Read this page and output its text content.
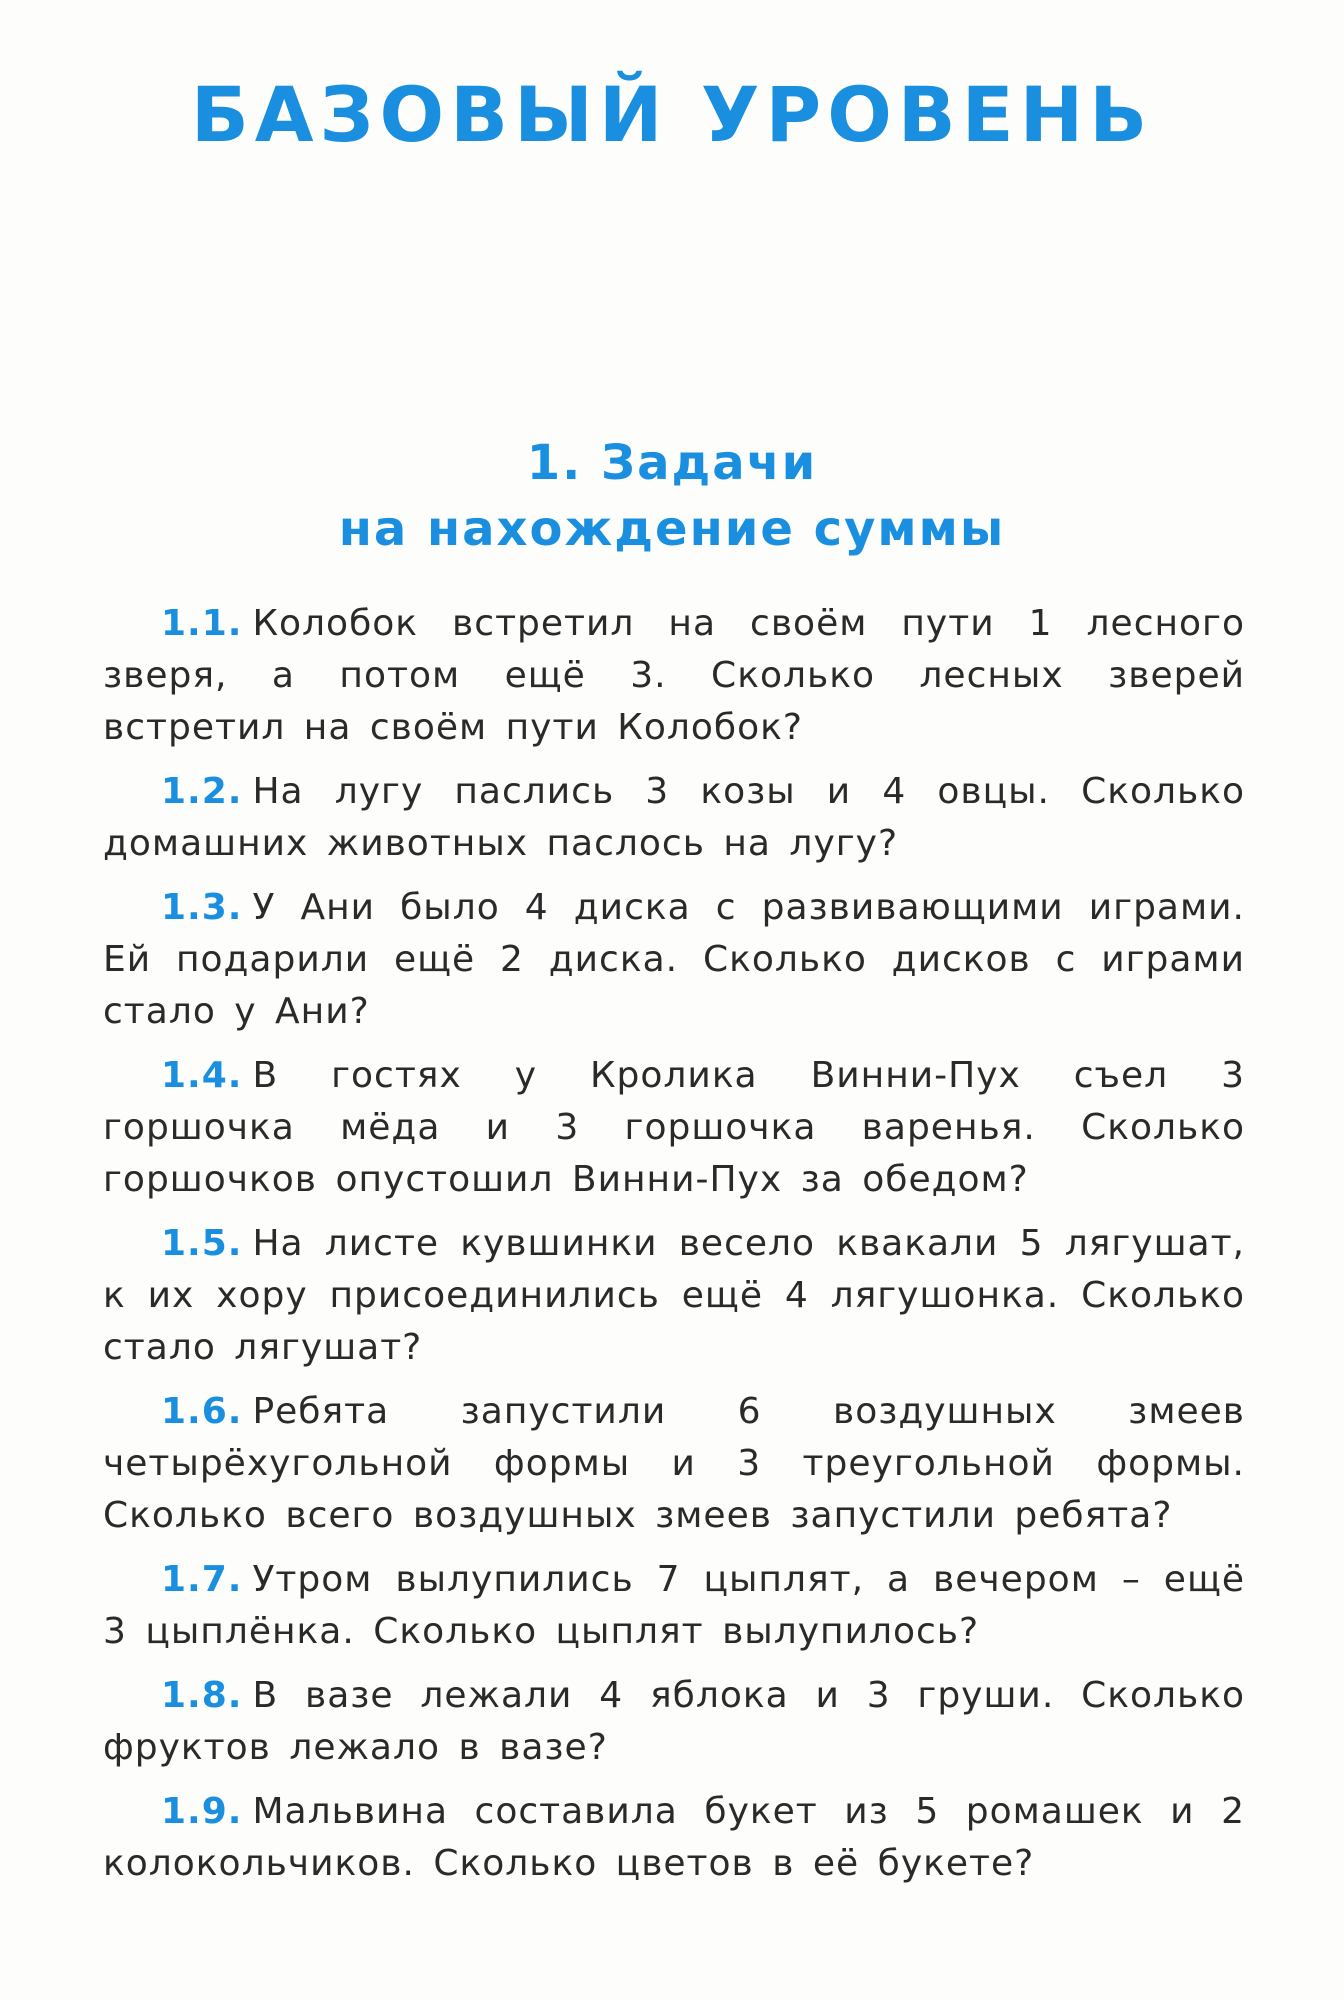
БАЗОВЫЙ УРОВЕНЬ
1. Задачи
на нахождение суммы

1.1. Колобок встретил на своём пути 1 лесного зверя, а потом ещё 3. Сколько лесных зверей встретил на своём пути Колобок?

1.2. На лугу паслись 3 козы и 4 овцы. Сколько домашних животных паслось на лугу?

1.3. У Ани было 4 диска с развивающими играми. Ей подарили ещё 2 диска. Сколько дисков с играми стало у Ани?

1.4. В гостях у Кролика Винни-Пух съел 3 горшочка мёда и 3 горшочка варенья. Сколько горшочков опустошил Винни-Пух за обедом?

1.5. На листе кувшинки весело квакали 5 лягушат, к их хору присоединились ещё 4 лягушонка. Сколько стало лягушат?

1.6. Ребята запустили 6 воздушных змеев четырёхугольной формы и 3 треугольной формы. Сколько всего воздушных змеев запустили ребята?

1.7. Утром вылупились 7 цыплят, а вечером – ещё 3 цыплёнка. Сколько цыплят вылупилось?

1.8. В вазе лежали 4 яблока и 3 груши. Сколько фруктов лежало в вазе?

1.9. Мальвина составила букет из 5 ромашек и 2 колокольчиков. Сколько цветов в её букете?
